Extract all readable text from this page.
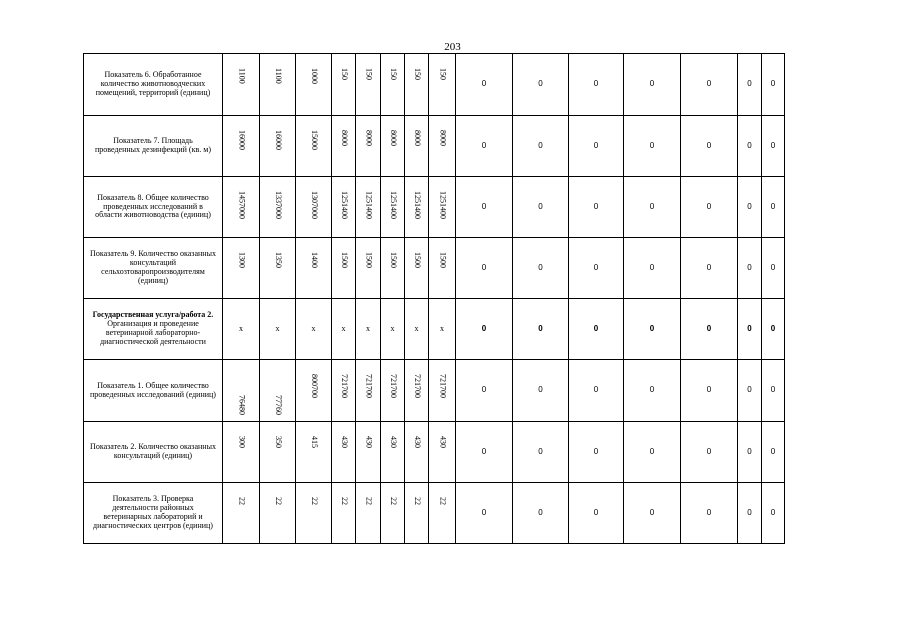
203
Показатель 6. Обработанное количество животноводческих помещений, территорий (единиц)	1100	1100	1000	150	150	150	150	150	0	0	0	0	0	0	0
Показатель 7. Площадь проведенных дезинфекций (кв. м)	16000	16000	15000	8000	8000	8000	8000	8000	0	0	0	0	0	0	0
Показатель 8. Общее количество проведенных исследований в области животноводства (единиц)	1457000	1337000	1307000	1251400	1251400	1251400	1251400	1251400	0	0	0	0	0	0	0
Показатель 9. Количество оказанных консультаций сельхозтоваропроизводителям (единиц)	1300	1350	1400	1500	1500	1500	1500	1500	0	0	0	0	0	0	0
Государственная услуга/работа 2. Организация и проведение ветеринарной лабораторно-диагностической деятельности	x	x	x	x	x	x	x	x	0	0	0	0	0	0	0
Показатель 1. Общее количество проведенных исследований (единиц)	76480	77760	800700	721700	721700	721700	721700	721700	0	0	0	0	0	0	0
Показатель 2. Количество оказанных консультаций (единиц)	300	350	415	430	430	430	430	430	0	0	0	0	0	0	0
Показатель 3. Проверка деятельности районных ветеринарных лабораторий и диагностических центров (единиц)	22	22	22	22	22	22	22	22	0	0	0	0	0	0	0
